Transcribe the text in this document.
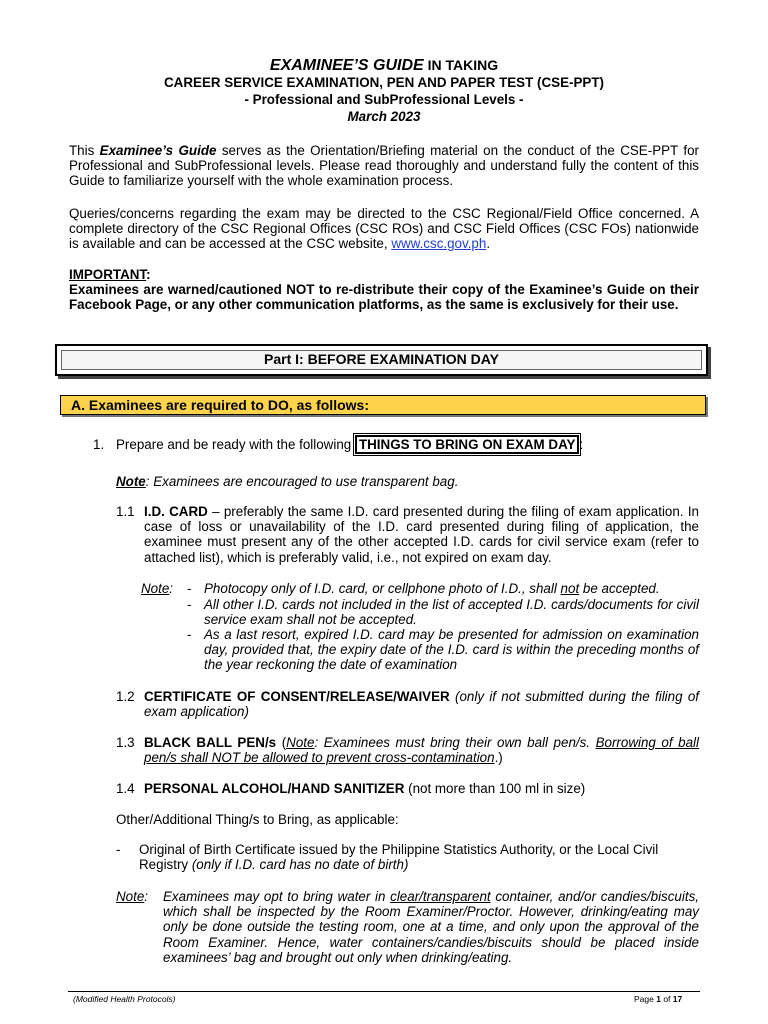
EXAMINEE’S GUIDE IN TAKING
CAREER SERVICE EXAMINATION, PEN AND PAPER TEST (CSE-PPT)
- Professional and SubProfessional Levels -
March 2023
This Examinee’s Guide serves as the Orientation/Briefing material on the conduct of the CSE-PPT for Professional and SubProfessional levels. Please read thoroughly and understand fully the content of this Guide to familiarize yourself with the whole examination process.
Queries/concerns regarding the exam may be directed to the CSC Regional/Field Office concerned. A complete directory of the CSC Regional Offices (CSC ROs) and CSC Field Offices (CSC FOs) nationwide is available and can be accessed at the CSC website, www.csc.gov.ph.
IMPORTANT:
Examinees are warned/cautioned NOT to re-distribute their copy of the Examinee’s Guide on their Facebook Page, or any other communication platforms, as the same is exclusively for their use.
Part I: BEFORE EXAMINATION DAY
A. Examinees are required to DO, as follows:
1. Prepare and be ready with the following THINGS TO BRING ON EXAM DAY :
Note: Examinees are encouraged to use transparent bag.
1.1 I.D. CARD – preferably the same I.D. card presented during the filing of exam application. In case of loss or unavailability of the I.D. card presented during filing of application, the examinee must present any of the other accepted I.D. cards for civil service exam (refer to attached list), which is preferably valid, i.e., not expired on exam day.
Note: - Photocopy only of I.D. card, or cellphone photo of I.D., shall not be accepted.
- All other I.D. cards not included in the list of accepted I.D. cards/documents for civil service exam shall not be accepted.
- As a last resort, expired I.D. card may be presented for admission on examination day, provided that, the expiry date of the I.D. card is within the preceding months of the year reckoning the date of examination
1.2 CERTIFICATE OF CONSENT/RELEASE/WAIVER (only if not submitted during the filing of exam application)
1.3 BLACK BALL PEN/s (Note: Examinees must bring their own ball pen/s. Borrowing of ball pen/s shall NOT be allowed to prevent cross-contamination.)
1.4 PERSONAL ALCOHOL/HAND SANITIZER (not more than 100 ml in size)
Other/Additional Thing/s to Bring, as applicable:
- Original of Birth Certificate issued by the Philippine Statistics Authority, or the Local Civil Registry (only if I.D. card has no date of birth)
Note: Examinees may opt to bring water in clear/transparent container, and/or candies/biscuits, which shall be inspected by the Room Examiner/Proctor. However, drinking/eating may only be done outside the testing room, one at a time, and only upon the approval of the Room Examiner. Hence, water containers/candies/biscuits should be placed inside examinees’ bag and brought out only when drinking/eating.
(Modified Health Protocols)	Page 1 of 17
